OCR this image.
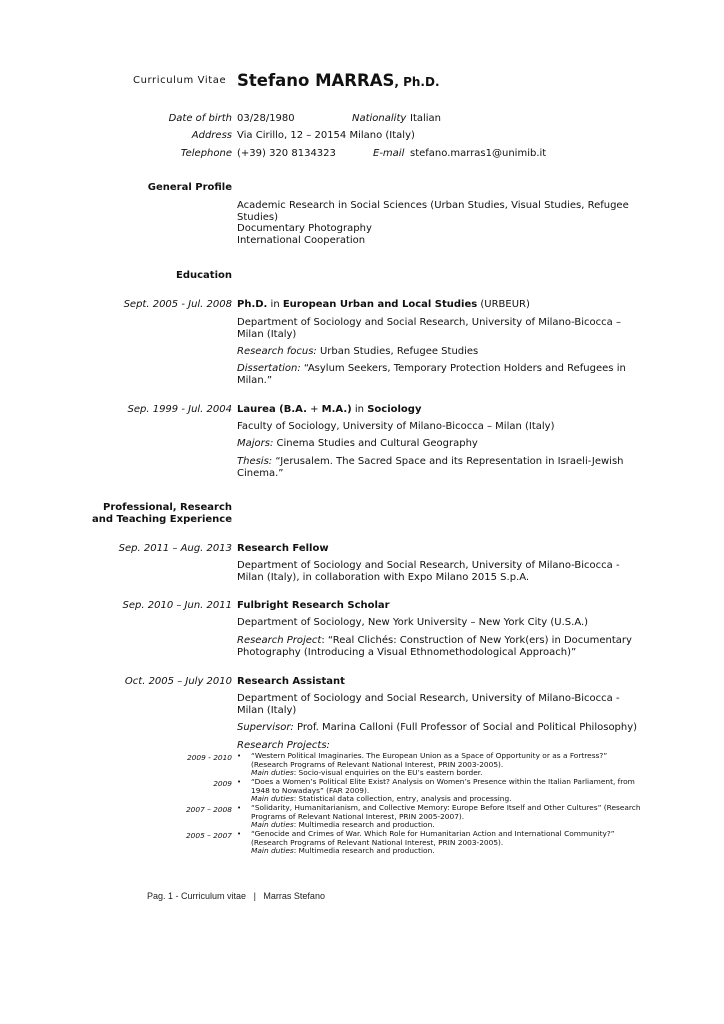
Curriculum Vitae Stefano MARRAS, Ph.D.
Date of birth 03/28/1980	Nationality Italian
Address Via Cirillo, 12 – 20154 Milano (Italy)
Telephone (+39) 320 8134323	E-mail stefano.marras1@unimib.it
General Profile
Academic Research in Social Sciences (Urban Studies, Visual Studies, Refugee Studies)
Documentary Photography
International Cooperation
Education
Sept. 2005 - Jul. 2008 Ph.D. in European Urban and Local Studies (URBEUR)
Department of Sociology and Social Research, University of Milano-Bicocca – Milan (Italy)
Research focus: Urban Studies, Refugee Studies
Dissertation: “Asylum Seekers, Temporary Protection Holders and Refugees in Milan.”
Sep. 1999 - Jul. 2004 Laurea (B.A. + M.A.) in Sociology
Faculty of Sociology, University of Milano-Bicocca – Milan (Italy)
Majors: Cinema Studies and Cultural Geography
Thesis: “Jerusalem. The Sacred Space and its Representation in Israeli-Jewish Cinema.”
Professional, Research
and Teaching Experience
Sep. 2011 – Aug. 2013 Research Fellow
Department of Sociology and Social Research, University of Milano-Bicocca - Milan (Italy), in collaboration with Expo Milano 2015 S.p.A.
Sep. 2010 – Jun. 2011 Fulbright Research Scholar
Department of Sociology, New York University – New York City (U.S.A.)
Research Project: “Real Clichés: Construction of New York(ers) in Documentary Photography (Introducing a Visual Ethnomethodological Approach)”
Oct. 2005 – July 2010 Research Assistant
Department of Sociology and Social Research, University of Milano-Bicocca - Milan (Italy)
Supervisor: Prof. Marina Calloni (Full Professor of Social and Political Philosophy)
Research Projects:
2009 - 2010 • “Western Political Imaginaries. The European Union as a Space of Opportunity or as a Fortress?”
(Research Programs of Relevant National Interest, PRIN 2003-2005).
Main duties: Socio-visual enquiries on the EU’s eastern border.
2009 • “Does a Women’s Political Elite Exist? Analysis on Women’s Presence within the Italian Parliament, from 1948 to Nowadays” (FAR 2009).
Main duties: Statistical data collection, entry, analysis and processing.
2007 – 2008 • “Solidarity, Humanitarianism, and Collective Memory: Europe Before Itself and Other Cultures” (Research Programs of Relevant National Interest, PRIN 2005-2007).
Main duties: Multimedia research and production.
2005 – 2007 • “Genocide and Crimes of War. Which Role for Humanitarian Action and International Community?”
(Research Programs of Relevant National Interest, PRIN 2003-2005).
Main duties: Multimedia research and production.
Pag. 1 - Curriculum vitae | Marras Stefano
